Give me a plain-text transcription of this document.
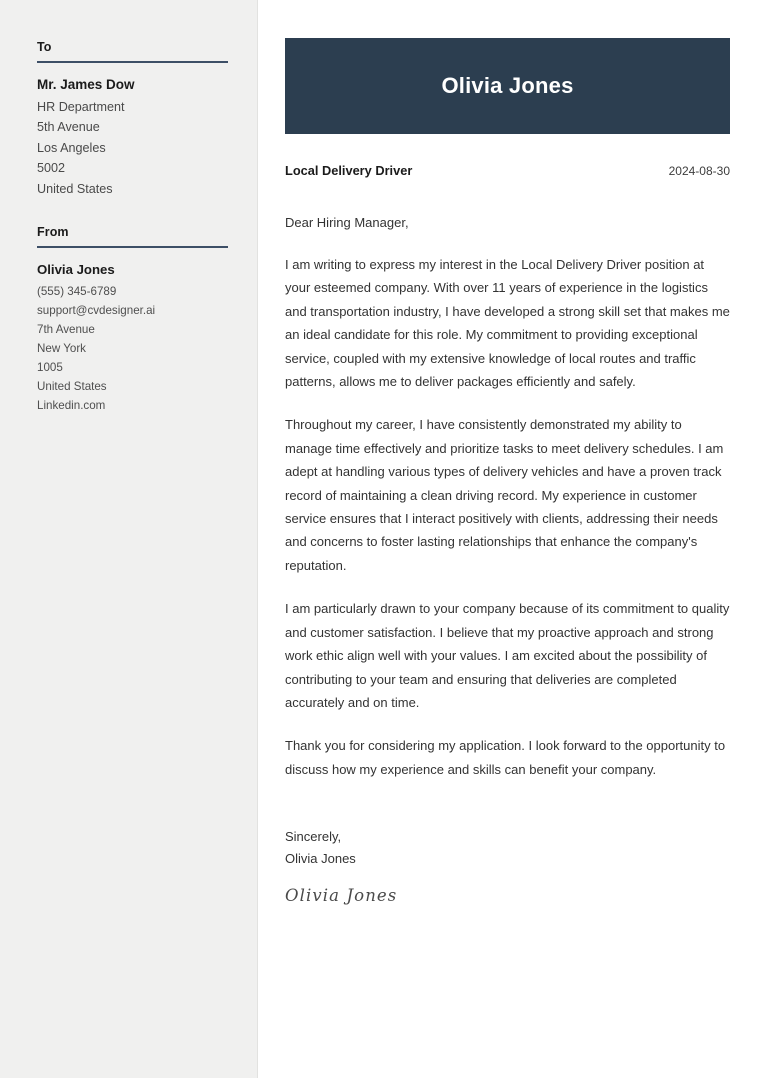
To
Mr. James Dow
HR Department
5th Avenue
Los Angeles
5002
United States
From
Olivia Jones
(555) 345-6789
support@cvdesigner.ai
7th Avenue
New York
1005
United States
Linkedin.com
Olivia Jones
Local Delivery Driver	2024-08-30
Dear Hiring Manager,

I am writing to express my interest in the Local Delivery Driver position at your esteemed company. With over 11 years of experience in the logistics and transportation industry, I have developed a strong skill set that makes me an ideal candidate for this role. My commitment to providing exceptional service, coupled with my extensive knowledge of local routes and traffic patterns, allows me to deliver packages efficiently and safely.

Throughout my career, I have consistently demonstrated my ability to manage time effectively and prioritize tasks to meet delivery schedules. I am adept at handling various types of delivery vehicles and have a proven track record of maintaining a clean driving record. My experience in customer service ensures that I interact positively with clients, addressing their needs and concerns to foster lasting relationships that enhance the company's reputation.

I am particularly drawn to your company because of its commitment to quality and customer satisfaction. I believe that my proactive approach and strong work ethic align well with your values. I am excited about the possibility of contributing to your team and ensuring that deliveries are completed accurately and on time.

Thank you for considering my application. I look forward to the opportunity to discuss how my experience and skills can benefit your company.

Sincerely,
Olivia Jones
Olivia Jones
